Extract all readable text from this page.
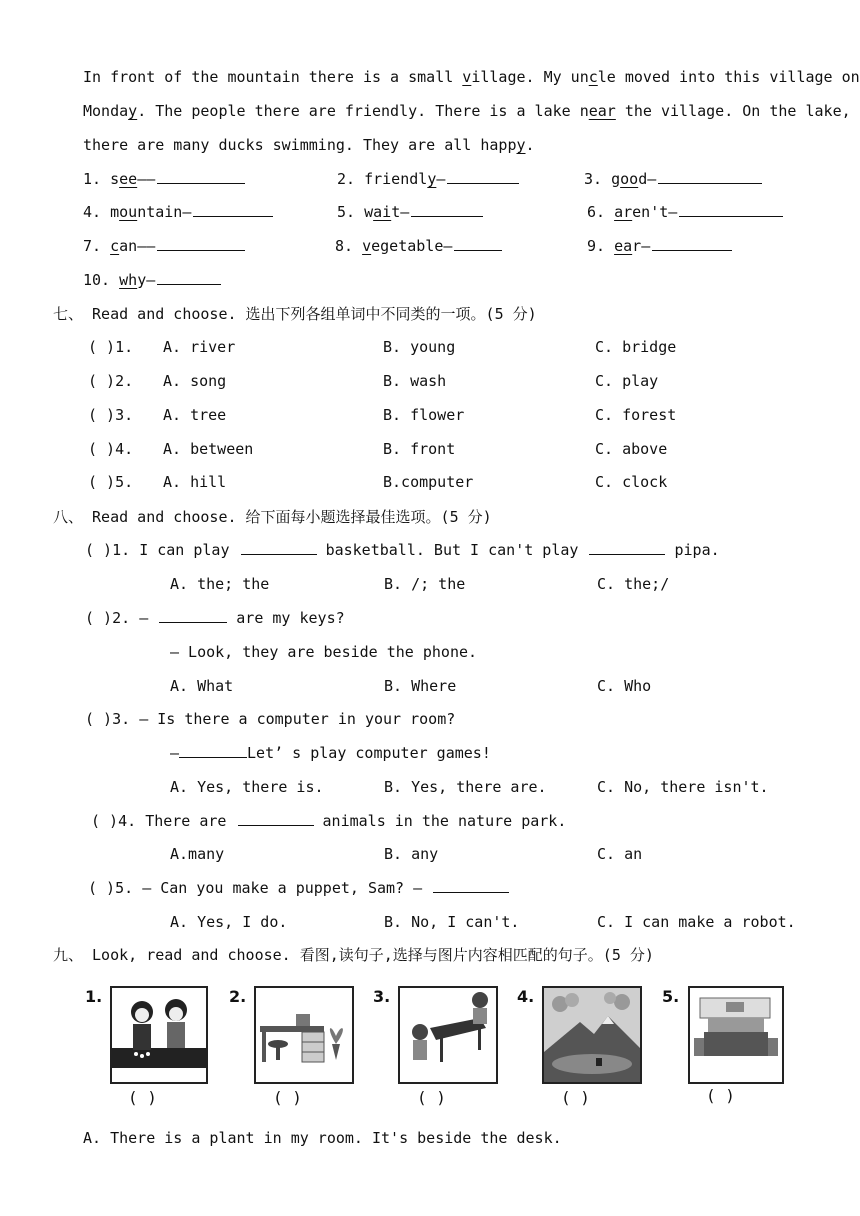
In front of the mountain there is a small village. My uncle moved into this village on
Monday. The people there are friendly. There is a lake near the village. On the lake,
there are many ducks swimming. They are all happy.
1. see——	2. friendly—	3. good—
4. mountain—	5. wait—	6. aren't—
7. can——	8. vegetable—	9. ear—
10. why—
七、 Read and choose. 选出下列各组单词中不同类的一项。(5 分)
( )1. A. river	B. young	C. bridge
( )2. A. song	B. wash	C. play
( )3. A. tree	B. flower	C. forest
( )4. A. between	B. front	C. above
( )5. A. hill	B.computer	C. clock
八、 Read and choose. 给下面每小题选择最佳选项。(5 分)
( )1. I can play	basketball. But I can't play	pipa.
A. the; the	B. /; the	C. the;/
( )2. —	are my keys?
— Look, they are beside the phone.
A. What	B. Where	C. Who
( )3. — Is there a computer in your room?
—	Let’ s play computer games!
A. Yes, there is.	B. Yes, there are.	C. No, there isn't.
( )4. There are	animals in the nature park.
A.many	B. any	C. an
( )5. — Can you make a puppet, Sam? —
A. Yes, I do.	B. No, I can't.	C. I can make a robot.
九、 Look, read and choose. 看图,读句子,选择与图片内容相匹配的句子。(5 分)
1.
( )
2.
( )
3.
( )
4.
( )
5.
( )
A. There is a plant in my room. It's beside the desk.
